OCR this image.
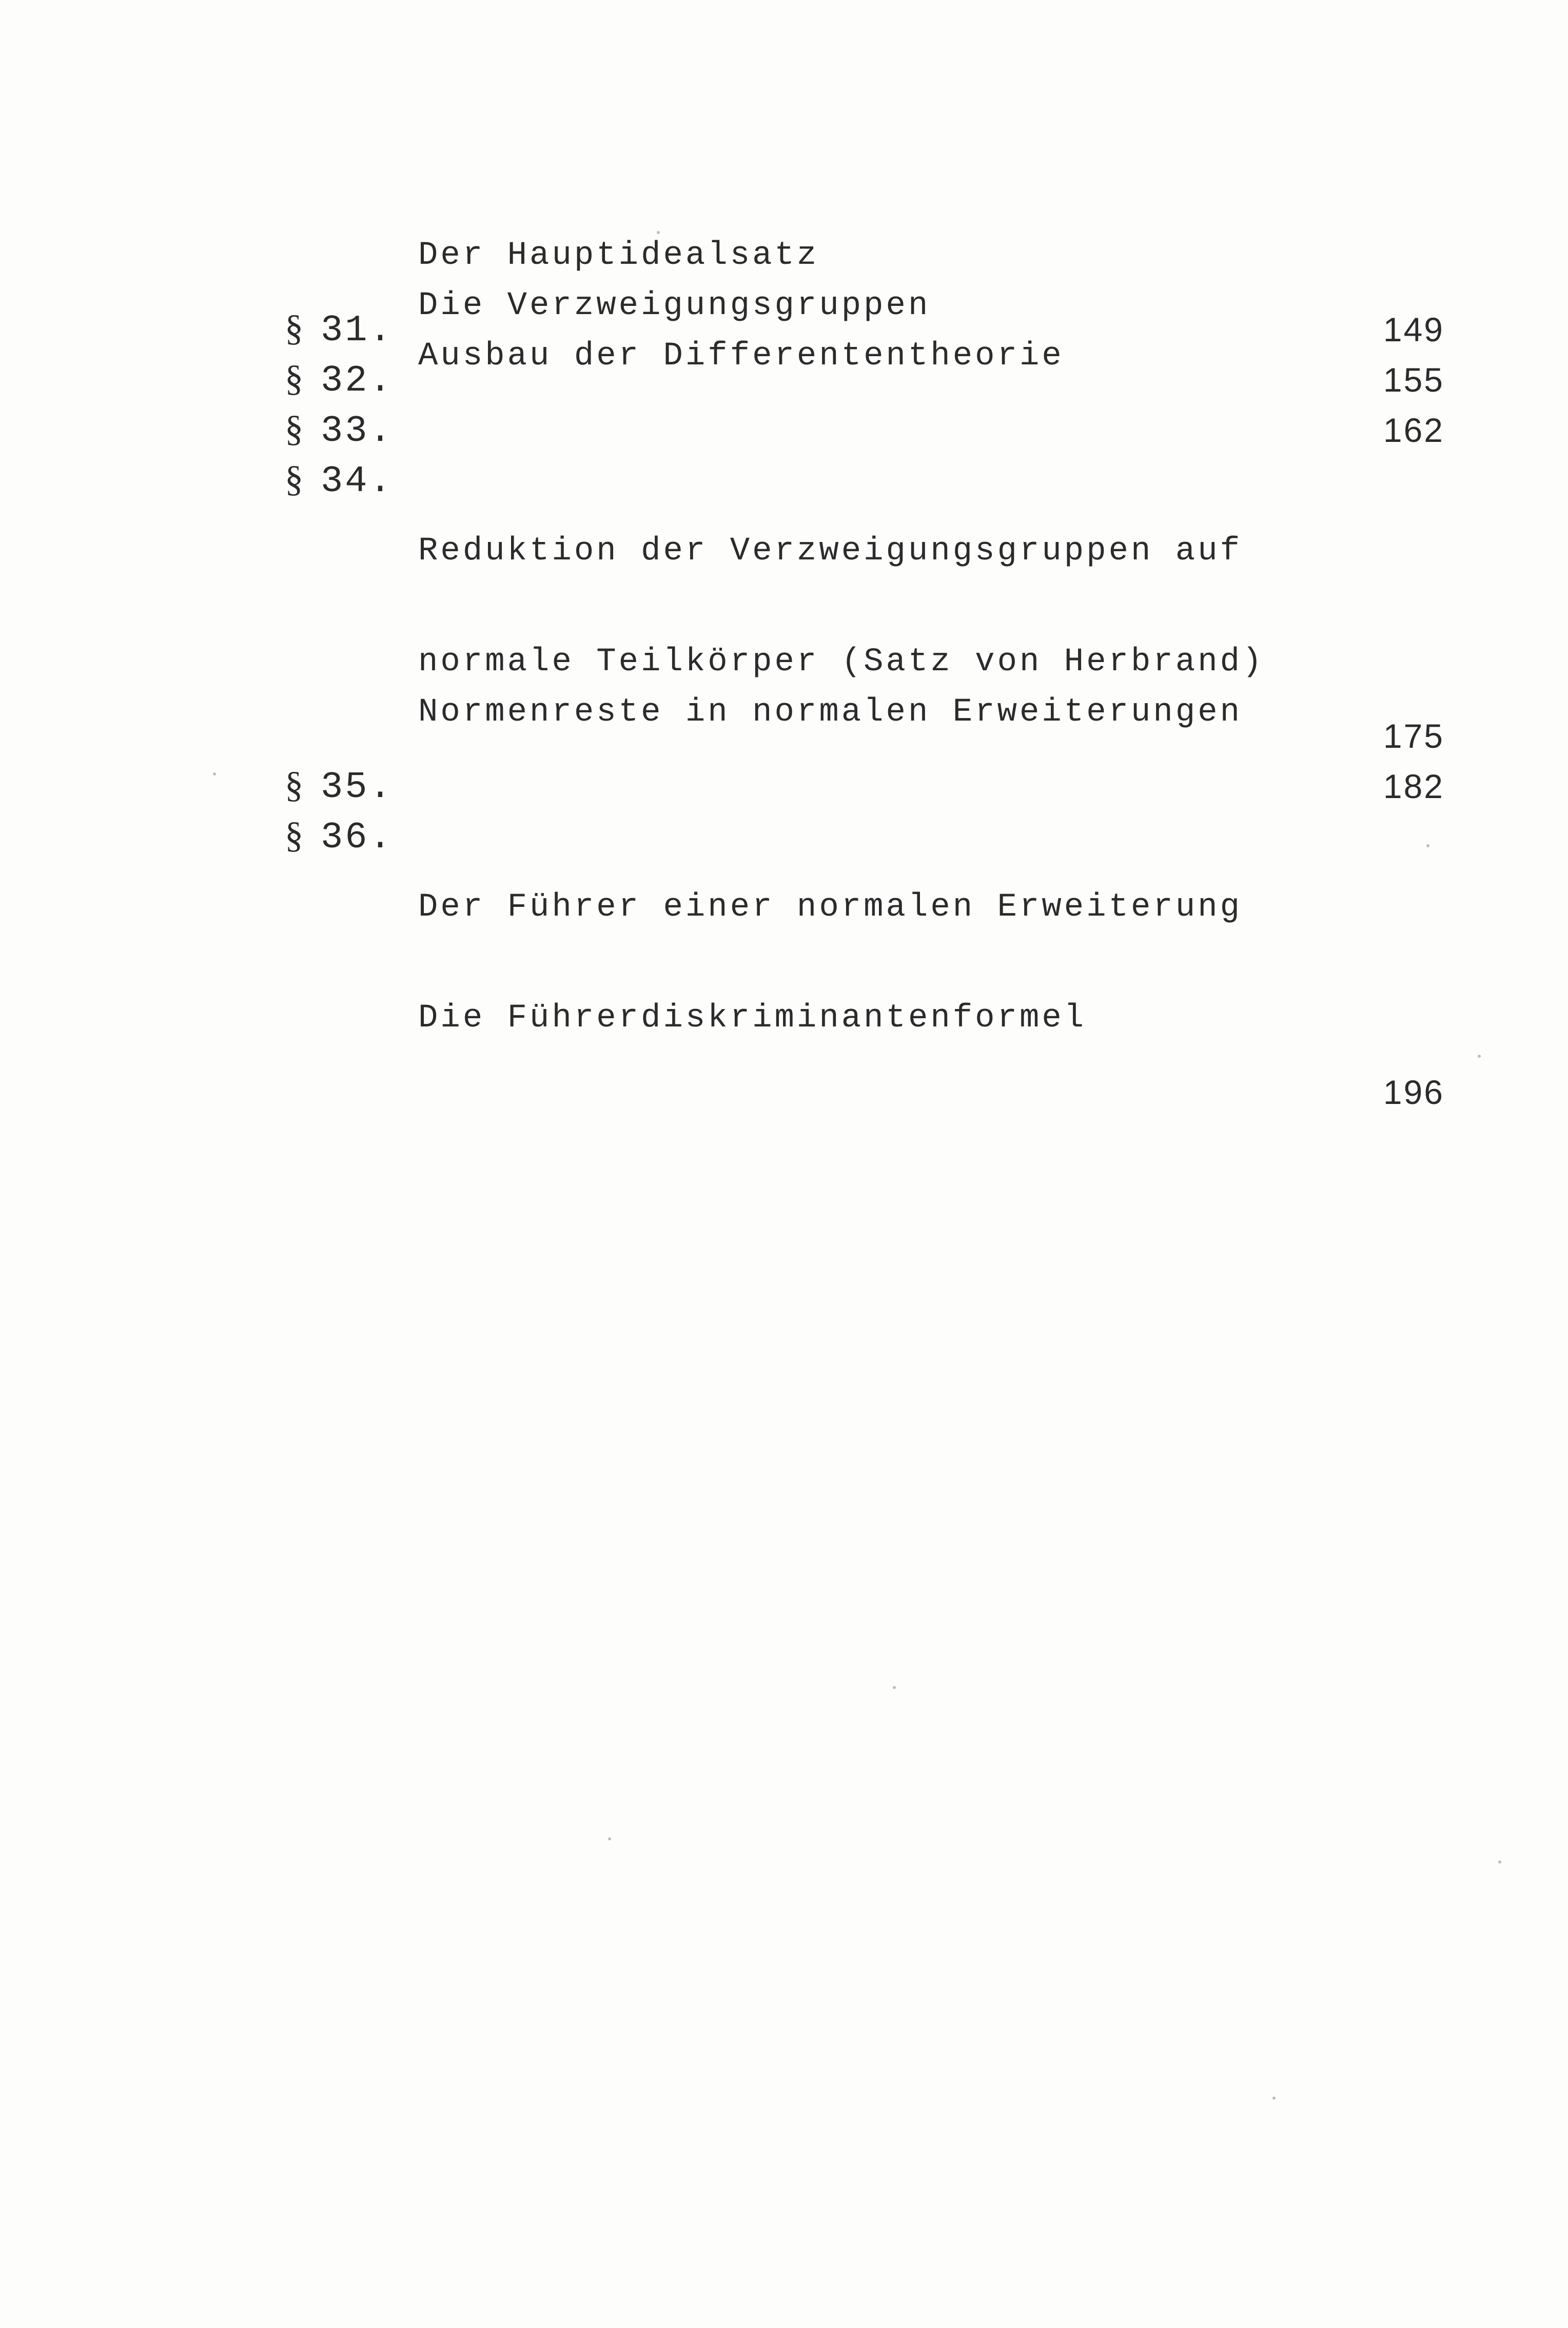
§ 31.

Der Hauptidealsatz

149
§ 32.

Die Verzweigungsgruppen

155
§ 33.

Ausbau der Differententheorie

162
§ 34.

Reduktion der Verzweigungsgruppen auf

normale Teilkörper (Satz von Herbrand)

175
§ 35.

Normenreste in normalen Erweiterungen

182
§ 36.

Der Führer einer normalen Erweiterung

Die Führerdiskriminantenformel

196
